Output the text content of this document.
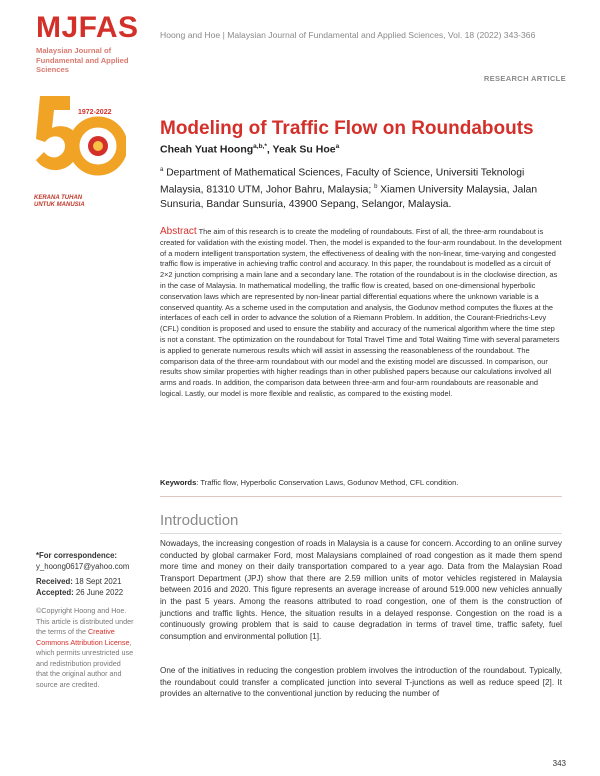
MJFAS
Malaysian Journal of Fundamental and Applied Sciences
Hoong and Hoe | Malaysian Journal of Fundamental and Applied Sciences, Vol. 18 (2022) 343-366
RESEARCH ARTICLE
1972-2022
KERANA TUHAN UNTUK MANUSIA
Modeling of Traffic Flow on Roundabouts
Cheah Yuat Hoong$^{a,b,*}$, Yeak Su Hoe$^a$
$^a$ Department of Mathematical Sciences, Faculty of Science, Universiti Teknologi Malaysia, 81310 UTM, Johor Bahru, Malaysia; $^b$ Xiamen University Malaysia, Jalan Sunsuria, Bandar Sunsuria, 43900 Sepang, Selangor, Malaysia.
Abstract The aim of this research is to create the modeling of roundabouts. First of all, the three-arm roundabout is created for validation with the existing model. Then, the model is expanded to the four-arm roundabout. In the development of a modern intelligent transportation system, the effectiveness of dealing with the non-linear, time-varying and congested traffic flow is imperative in achieving traffic control and accuracy. In this paper, the roundabout is modelled as a circuit of 2×2 junction comprising a main lane and a secondary lane. The rotation of the roundabout is in the clockwise direction, as in the case of Malaysia. In mathematical modelling, the traffic flow is created, based on one-dimensional hyperbolic conservation laws which are represented by non-linear partial differential equations where the unknown variable is a conserved quantity. As a scheme used in the computation and analysis, the Godunov method computes the fluxes at the interfaces of each cell in order to advance the solution of a Riemann Problem. In addition, the Courant-Friedrichs-Levy (CFL) condition is proposed and used to ensure the stability and accuracy of the numerical algorithm where the time step is not a constant. The optimization on the roundabout for Total Travel Time and Total Waiting Time with several parameters is applied to generate numerous results which will assist in assessing the reasonableness of the roundabout. The comparison data of the three-arm roundabout with our model and the existing model are discussed. In comparison, our results show similar properties with higher readings than in other published papers because our calculations involved all arms and roads. In addition, the comparison data between three-arm and four-arm roundabouts are reasonable and logical. Lastly, our model is more flexible and realistic, as compared to the existing model.
Keywords: Traffic flow, Hyperbolic Conservation Laws, Godunov Method, CFL condition.
Introduction
Nowadays, the increasing congestion of roads in Malaysia is a cause for concern. According to an online survey conducted by global carmaker Ford, most Malaysians complained of road congestion as it made them spend more time and money on their daily transportation compared to a year ago. Data from the Malaysian Road Transport Department (JPJ) show that there are 2.59 million units of motor vehicles registered in Malaysia between 2016 and 2020. This figure represents an average increase of around 519.000 new vehicles annually in the past 5 years. Among the reasons attributed to road congestion, one of them is the construction of junctions and traffic lights. Hence, the situation results in a delayed response. Congestion on the road is a continuously growing problem that is said to cause degradation in terms of travel time, traffic safety, fuel consumption and environmental pollution [1].
One of the initiatives in reducing the congestion problem involves the introduction of the roundabout. Typically, the roundabout could transfer a complicated junction into several T-junctions as well as reduce speed [2]. It provides an alternative to the conventional junction by reducing the number of
*For correspondence:
y_hoong0617@yahoo.com
Received: 18 Sept 2021
Accepted: 26 June 2022
©Copyright Hoong and Hoe. This article is distributed under the terms of the Creative Commons Attribution License, which permits unrestricted use and redistribution provided that the original author and source are credited.
343
